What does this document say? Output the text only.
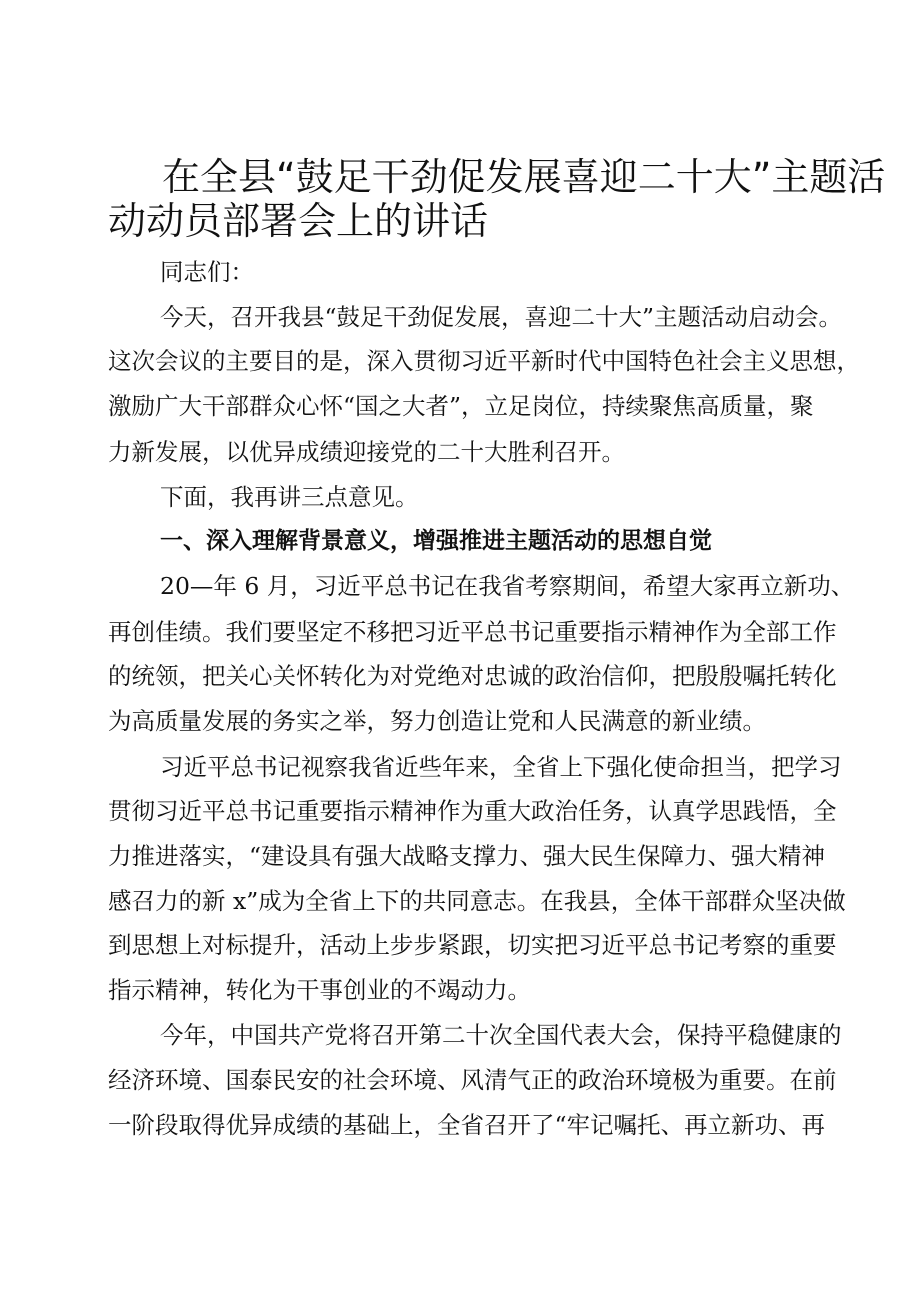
在全县“鼓足干劲促发展喜迎二十大”主题活
动动员部署会上的讲话
同志们：
今天，召开我县“鼓足干劲促发展，喜迎二十大”主题活动启动会。
这次会议的主要目的是，深入贯彻习近平新时代中国特色社会主义思想，
激励广大干部群众心怀“国之大者”，立足岗位，持续聚焦高质量，聚
力新发展，以优异成绩迎接党的二十大胜利召开。
下面，我再讲三点意见。
一、深入理解背景意义，增强推进主题活动的思想自觉
20—年 6 月，习近平总书记在我省考察期间，希望大家再立新功、
再创佳绩。我们要坚定不移把习近平总书记重要指示精神作为全部工作
的统领，把关心关怀转化为对党绝对忠诚的政治信仰，把殷殷嘱托转化
为高质量发展的务实之举，努力创造让党和人民满意的新业绩。
习近平总书记视察我省近些年来，全省上下强化使命担当，把学习
贯彻习近平总书记重要指示精神作为重大政治任务，认真学思践悟，全
力推进落实，“建设具有强大战略支撑力、强大民生保障力、强大精神
感召力的新 x”成为全省上下的共同意志。在我县，全体干部群众坚决做
到思想上对标提升，活动上步步紧跟，切实把习近平总书记考察的重要
指示精神，转化为干事创业的不竭动力。
今年，中国共产党将召开第二十次全国代表大会，保持平稳健康的
经济环境、国泰民安的社会环境、风清气正的政治环境极为重要。在前
一阶段取得优异成绩的基础上，全省召开了“牢记嘱托、再立新功、再
